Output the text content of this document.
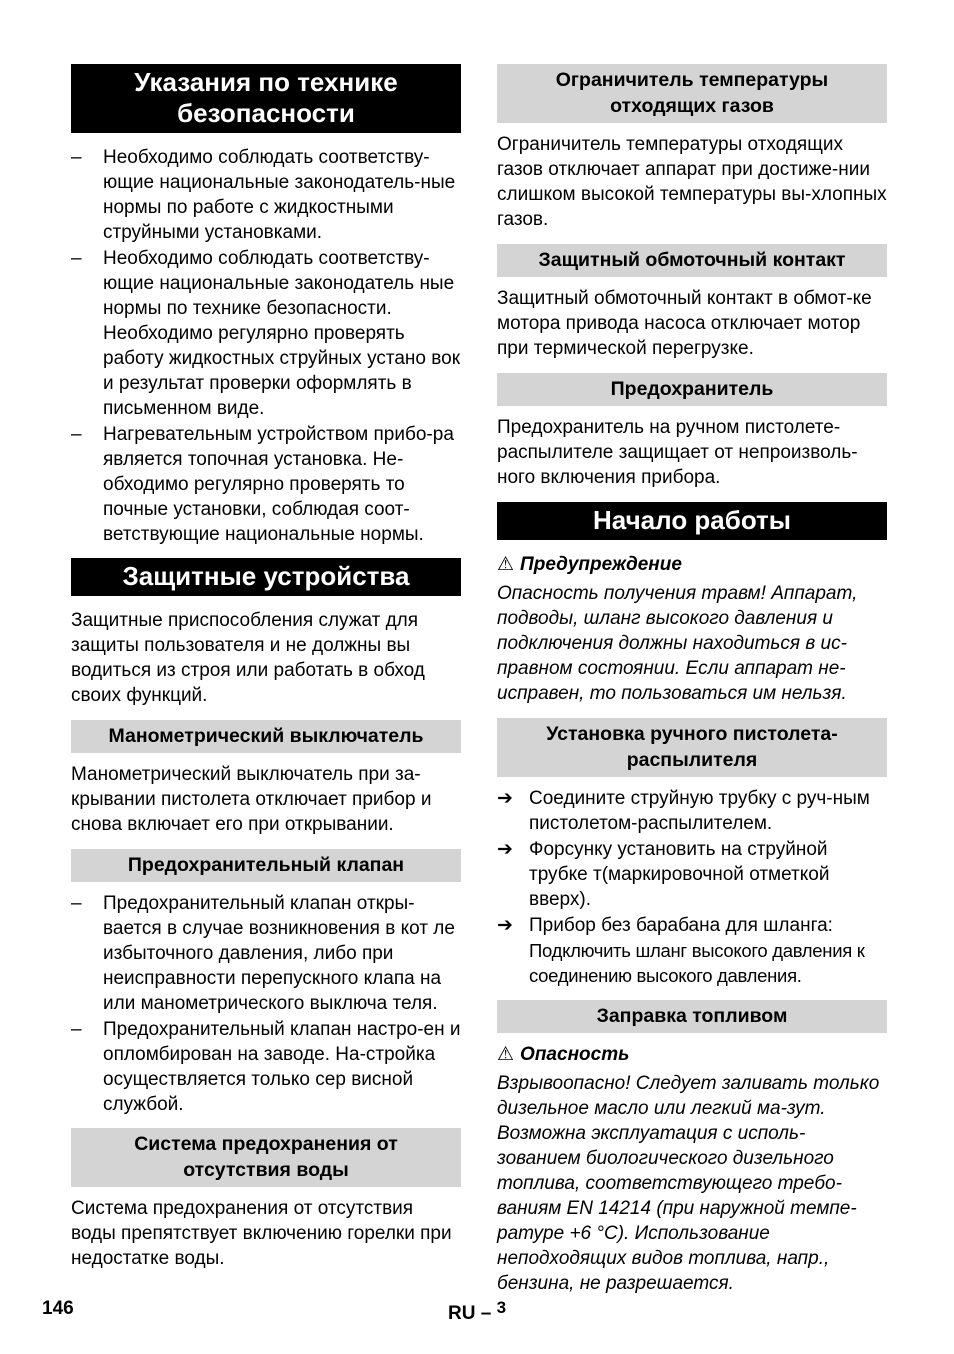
Указания по технике безопасности
– Необходимо соблюдать соответству-ющие национальные законодатель-ные нормы по работе с жидкостными струйными установками.
– Необходимо соблюдать соответству-ющие национальные законодатель ные нормы по технике безопасности. Необходимо регулярно проверять работу жидкостных струйных устано вок и результат проверки оформлять в письменном виде.
– Нагревательным устройством прибо-ра является топочная установка. Не-обходимо регулярно проверять то почные установки, соблюдая соот-ветствующие национальные нормы.
Защитные устройства

Защитные приспособления служат для защиты пользователя и не должны вы водиться из строя или работать в обход своих функций.

Манометрический выключатель

Манометрический выключатель при за-крывании пистолета отключает прибор и снова включает его при открывании.

Предохранительный клапан
– Предохранительный клапан откры-вается в случае возникновения в кот ле избыточного давления, либо при неисправности перепускного клапа на или манометрического выключа теля.
– Предохранительный клапан настро-ен и опломбирован на заводе. На-стройка осуществляется только сер висной службой.
Система предохранения от отсутствия воды

Система предохранения от отсутствия воды препятствует включению горелки при недостатке воды.

Ограничитель температуры отходящих газов

Ограничитель температуры отходящих газов отключает аппарат при достиже-нии слишком высокой температуры вы-хлопных газов.

Защитный обмоточный контакт

Защитный обмоточный контакт в обмот-ке мотора привода насоса отключает мотор при термической перегрузке.

Предохранитель

Предохранитель на ручном пистолете-распылителе защищает от непроизволь-ного включения прибора.

Начало работы
⚠ Предупреждение

Опасность получения травм! Аппарат, подводы, шланг высокого давления и подключения должны находиться в ис-правном состоянии. Если аппарат не-исправен, то пользоваться им нельзя.

Установка ручного пистолета-распылителя
➔ Соедините струйную трубку с руч-ным пистолетом-распылителем.
➔ Форсунку установить на струйной трубке т(маркировочной отметкой вверх).
➔ Прибор без барабана для шланга:
Подключить шланг высокого давления к соединению высокого давления.
Заправка топливом
⚠ Опасность

Взрывоопасно! Следует заливать только дизельное масло или легкий ма-зут. Возможна эксплуатация с исполь-зованием биологического дизельного топлива, соответствующего требо-ваниям EN 14214 (при наружной темпе-ратуре +6 °C). Использование неподходящих видов топлива, напр., бензина, не разрешается.

146	RU – $^3$
